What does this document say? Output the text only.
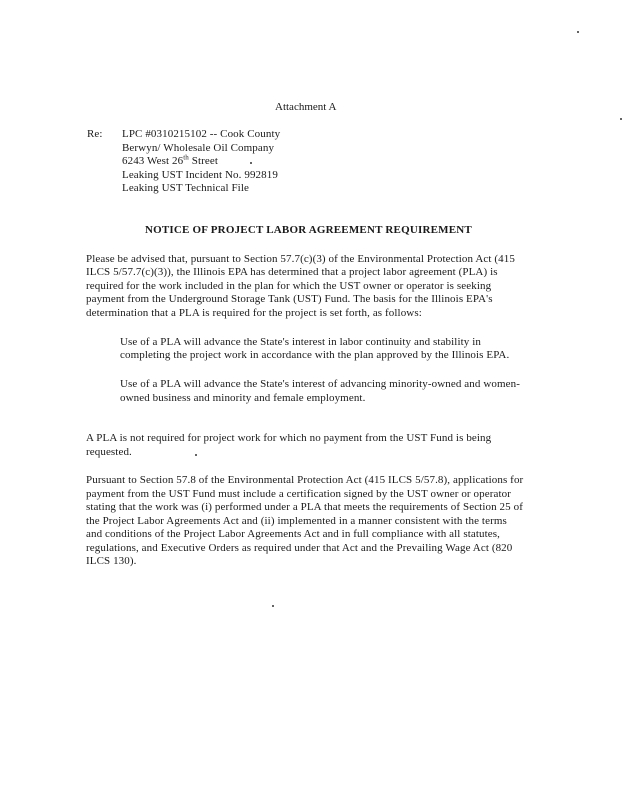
Attachment A
Re: LPC #0310215102 -- Cook County
Berwyn/ Wholesale Oil Company
6243 West 26th Street
Leaking UST Incident No. 992819
Leaking UST Technical File
NOTICE OF PROJECT LABOR AGREEMENT REQUIREMENT
Please be advised that, pursuant to Section 57.7(c)(3) of the Environmental Protection Act (415
ILCS 5/57.7(c)(3)), the Illinois EPA has determined that a project labor agreement (PLA) is
required for the work included in the plan for which the UST owner or operator is seeking
payment from the Underground Storage Tank (UST) Fund. The basis for the Illinois EPA's
determination that a PLA is required for the project is set forth, as follows:
Use of a PLA will advance the State's interest in labor continuity and stability in
completing the project work in accordance with the plan approved by the Illinois EPA.
Use of a PLA will advance the State's interest of advancing minority-owned and women-
owned business and minority and female employment.
A PLA is not required for project work for which no payment from the UST Fund is being
requested.
Pursuant to Section 57.8 of the Environmental Protection Act (415 ILCS 5/57.8), applications for
payment from the UST Fund must include a certification signed by the UST owner or operator
stating that the work was (i) performed under a PLA that meets the requirements of Section 25 of
the Project Labor Agreements Act and (ii) implemented in a manner consistent with the terms
and conditions of the Project Labor Agreements Act and in full compliance with all statutes,
regulations, and Executive Orders as required under that Act and the Prevailing Wage Act (820
ILCS 130).
